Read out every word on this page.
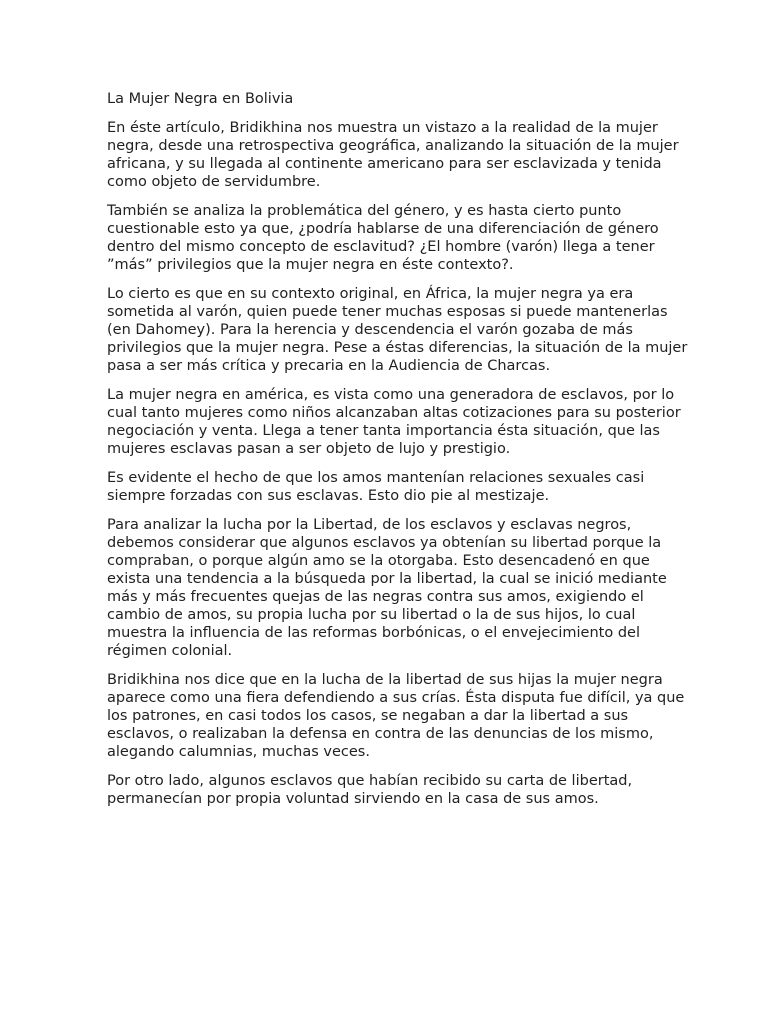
La Mujer Negra en Bolivia
En éste artículo, Bridikhina nos muestra un vistazo a la realidad de la mujer
negra, desde una retrospectiva geográfica, analizando la situación de la mujer
africana, y su llegada al continente americano para ser esclavizada y tenida
como objeto de servidumbre.
También se analiza la problemática del género, y es hasta cierto punto
cuestionable esto ya que, ¿podría hablarse de una diferenciación de género
dentro del mismo concepto de esclavitud? ¿El hombre (varón) llega a tener
”más” privilegios que la mujer negra en éste contexto?.
Lo cierto es que en su contexto original, en África, la mujer negra ya era
sometida al varón, quien puede tener muchas esposas si puede mantenerlas
(en Dahomey). Para la herencia y descendencia el varón gozaba de más
privilegios que la mujer negra. Pese a éstas diferencias, la situación de la mujer
pasa a ser más crítica y precaria en la Audiencia de Charcas.
La mujer negra en américa, es vista como una generadora de esclavos, por lo
cual tanto mujeres como niños alcanzaban altas cotizaciones para su posterior
negociación y venta. Llega a tener tanta importancia ésta situación, que las
mujeres esclavas pasan a ser objeto de lujo y prestigio.
Es evidente el hecho de que los amos mantenían relaciones sexuales casi
siempre forzadas con sus esclavas. Esto dio pie al mestizaje.
Para analizar la lucha por la Libertad, de los esclavos y esclavas negros,
debemos considerar que algunos esclavos ya obtenían su libertad porque la
compraban, o porque algún amo se la otorgaba. Esto desencadenó en que
exista una tendencia a la búsqueda por la libertad, la cual se inició mediante
más y más frecuentes quejas de las negras contra sus amos, exigiendo el
cambio de amos, su propia lucha por su libertad o la de sus hijos, lo cual
muestra la influencia de las reformas borbónicas, o el envejecimiento del
régimen colonial.
Bridikhina nos dice que en la lucha de la libertad de sus hijas la mujer negra
aparece como una fiera defendiendo a sus crías. Ésta disputa fue difícil, ya que
los patrones, en casi todos los casos, se negaban a dar la libertad a sus
esclavos, o realizaban la defensa en contra de las denuncias de los mismo,
alegando calumnias, muchas veces.
Por otro lado, algunos esclavos que habían recibido su carta de libertad,
permanecían por propia voluntad sirviendo en la casa de sus amos.
